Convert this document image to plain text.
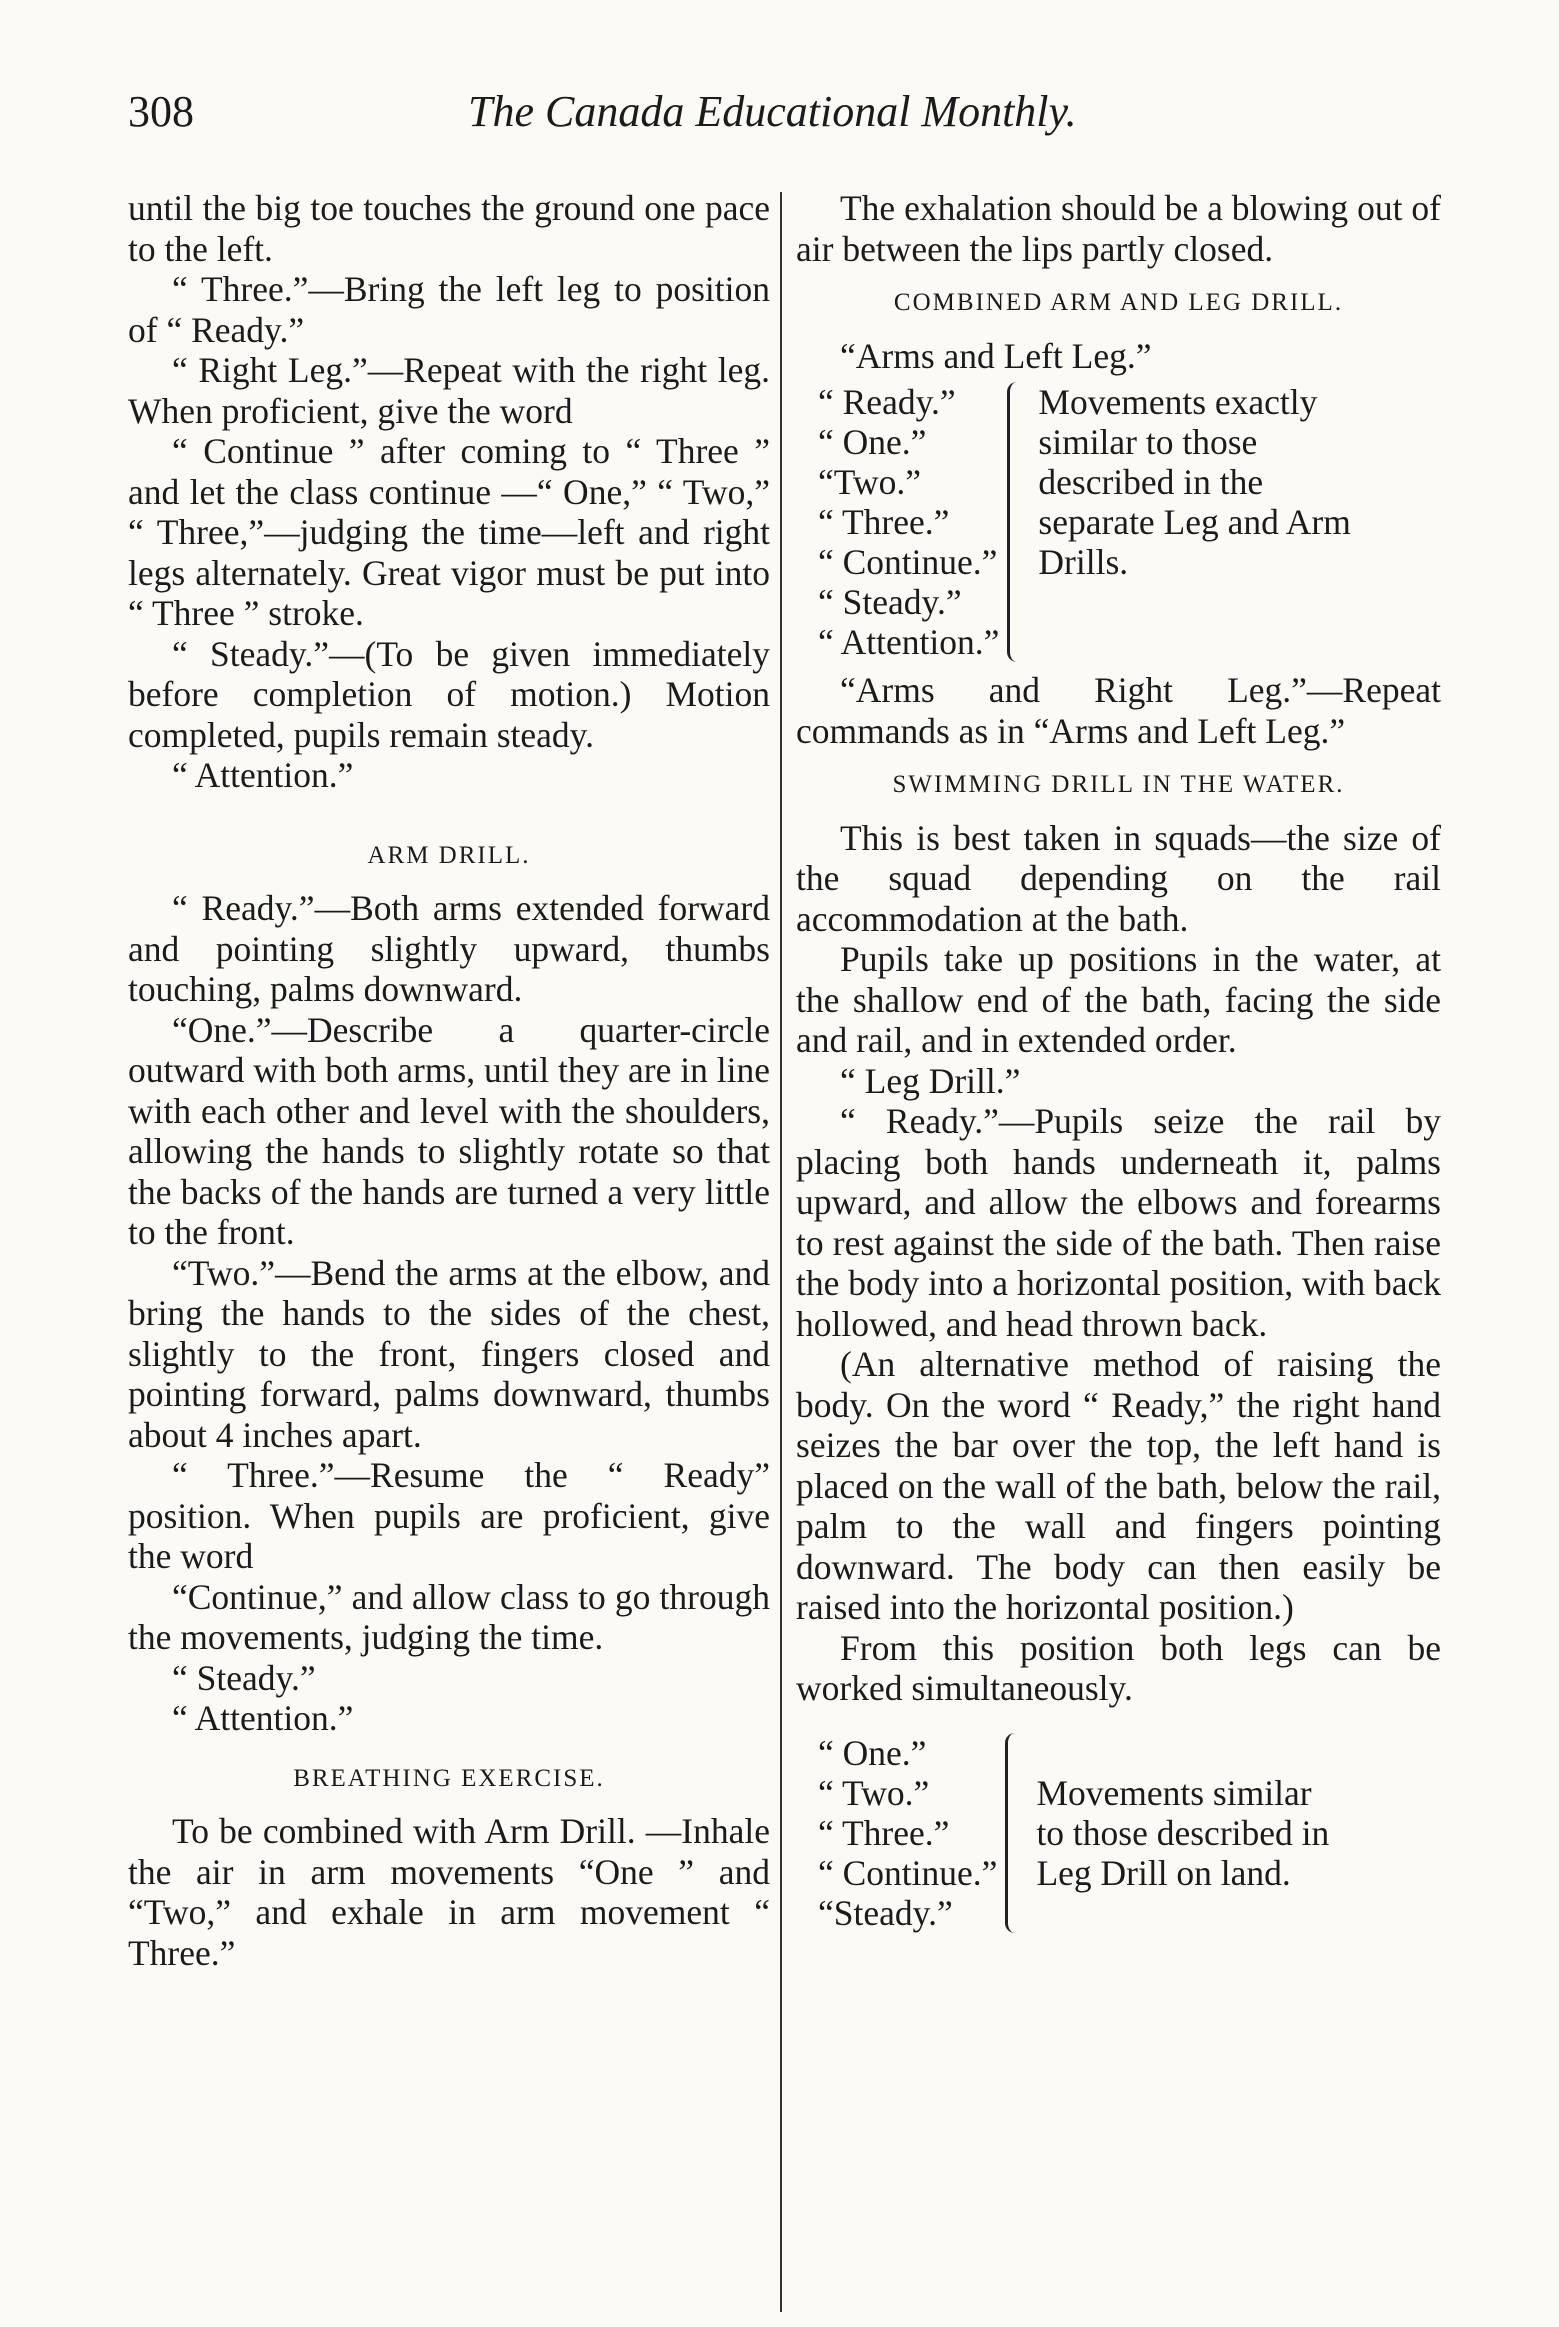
308	The Canada Educational Monthly.

until the big toe touches the ground one pace to the left.

“ Three.”—Bring the left leg to position of “ Ready.”

“ Right Leg.”—Repeat with the right leg. When proficient, give the word

“ Continue ” after coming to “ Three ” and let the class continue —“ One,” “ Two,” “ Three,”—judging the time—left and right legs alternately. Great vigor must be put into “ Three ” stroke.

“ Steady.”—(To be given immediately before completion of motion.) Motion completed, pupils remain steady.

“ Attention.”

ARM DRILL.

“ Ready.”—Both arms extended forward and pointing slightly upward, thumbs touching, palms downward.

“One.”—Describe a quarter-circle outward with both arms, until they are in line with each other and level with the shoulders, allowing the hands to slightly rotate so that the backs of the hands are turned a very little to the front.

“Two.”—Bend the arms at the elbow, and bring the hands to the sides of the chest, slightly to the front, fingers closed and pointing forward, palms downward, thumbs about 4 inches apart.

“ Three.”—Resume the “ Ready” position. When pupils are proficient, give the word

“Continue,” and allow class to go through the movements, judging the time.

“ Steady.”

“ Attention.”

BREATHING EXERCISE.

To be combined with Arm Drill. —Inhale the air in arm movements “One ” and “Two,” and exhale in arm movement “ Three.”

The exhalation should be a blowing out of air between the lips partly closed.

COMBINED ARM AND LEG DRILL.

“Arms and Left Leg.”

“ Ready.”
“ One.”
“Two.”
“ Three.”
“ Continue.”
“ Steady.”
“ Attention.”
Movements exactly similar to those described in the separate Leg and Arm Drills.

“Arms and Right Leg.”—Repeat commands as in “Arms and Left Leg.”

SWIMMING DRILL IN THE WATER.

This is best taken in squads—the size of the squad depending on the rail accommodation at the bath.

Pupils take up positions in the water, at the shallow end of the bath, facing the side and rail, and in extended order.

“ Leg Drill.”

“ Ready.”—Pupils seize the rail by placing both hands underneath it, palms upward, and allow the elbows and forearms to rest against the side of the bath. Then raise the body into a horizontal position, with back hollowed, and head thrown back.

(An alternative method of raising the body. On the word “ Ready,” the right hand seizes the bar over the top, the left hand is placed on the wall of the bath, below the rail, palm to the wall and fingers pointing downward. The body can then easily be raised into the horizontal position.)

From this position both legs can be worked simultaneously.

“ One.”
“ Two.”
“ Three.”
“ Continue.”
“Steady.”
Movements similar to those described in Leg Drill on land.
